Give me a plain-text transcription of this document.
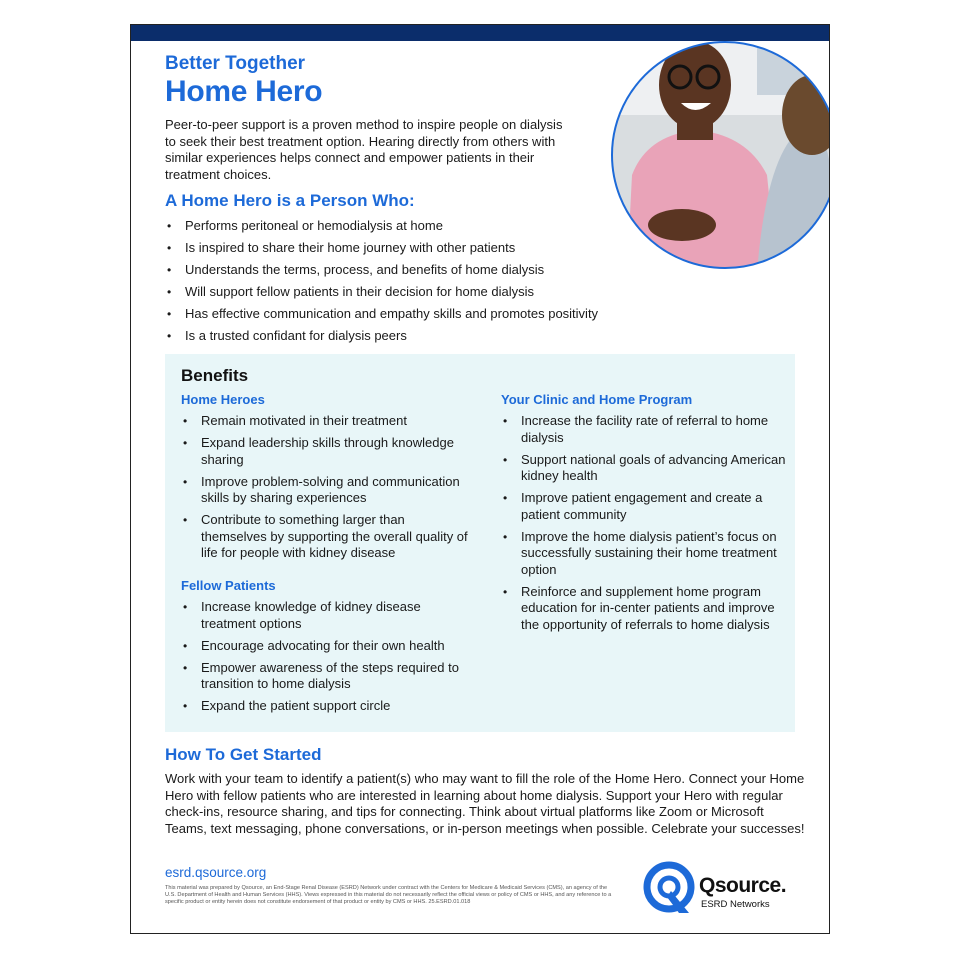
Better Together
Home Hero
Peer-to-peer support is a proven method to inspire people on dialysis to seek their best treatment option. Hearing directly from others with similar experiences helps connect and empower patients in their treatment choices.
A Home Hero is a Person Who:
• Performs peritoneal or hemodialysis at home
• Is inspired to share their home journey with other patients
• Understands the terms, process, and benefits of home dialysis
• Will support fellow patients in their decision for home dialysis
• Has effective communication and empathy skills and promotes positivity
• Is a trusted confidant for dialysis peers
Benefits
Home Heroes
• Remain motivated in their treatment
• Expand leadership skills through knowledge sharing
• Improve problem-solving and communication skills by sharing experiences
• Contribute to something larger than themselves by supporting the overall quality of life for people with kidney disease
Fellow Patients
• Increase knowledge of kidney disease treatment options
• Encourage advocating for their own health
• Empower awareness of the steps required to transition to home dialysis
• Expand the patient support circle
Your Clinic and Home Program
• Increase the facility rate of referral to home dialysis
• Support national goals of advancing American kidney health
• Improve patient engagement and create a patient community
• Improve the home dialysis patient’s focus on successfully sustaining their home treatment option
• Reinforce and supplement home program education for in-center patients and improve the opportunity of referrals to home dialysis
How To Get Started
Work with your team to identify a patient(s) who may want to fill the role of the Home Hero. Connect your Home Hero with fellow patients who are interested in learning about home dialysis. Support your Hero with regular check-ins, resource sharing, and tips for connecting. Think about virtual platforms like Zoom or Microsoft Teams, text messaging, phone conversations, or in-person meetings when possible. Celebrate your successes!
esrd.qsource.org
This material was prepared by Qsource, an End-Stage Renal Disease (ESRD) Network under contract with the Centers for Medicare & Medicaid Services (CMS), an agency of the U.S. Department of Health and Human Services (HHS). Views expressed in this material do not necessarily reflect the official views or policy of CMS or HHS, and any reference to a specific product or entity herein does not constitute endorsement of that product or entity by CMS or HHS. 25.ESRD.01.018
Qsource.
ESRD Networks
